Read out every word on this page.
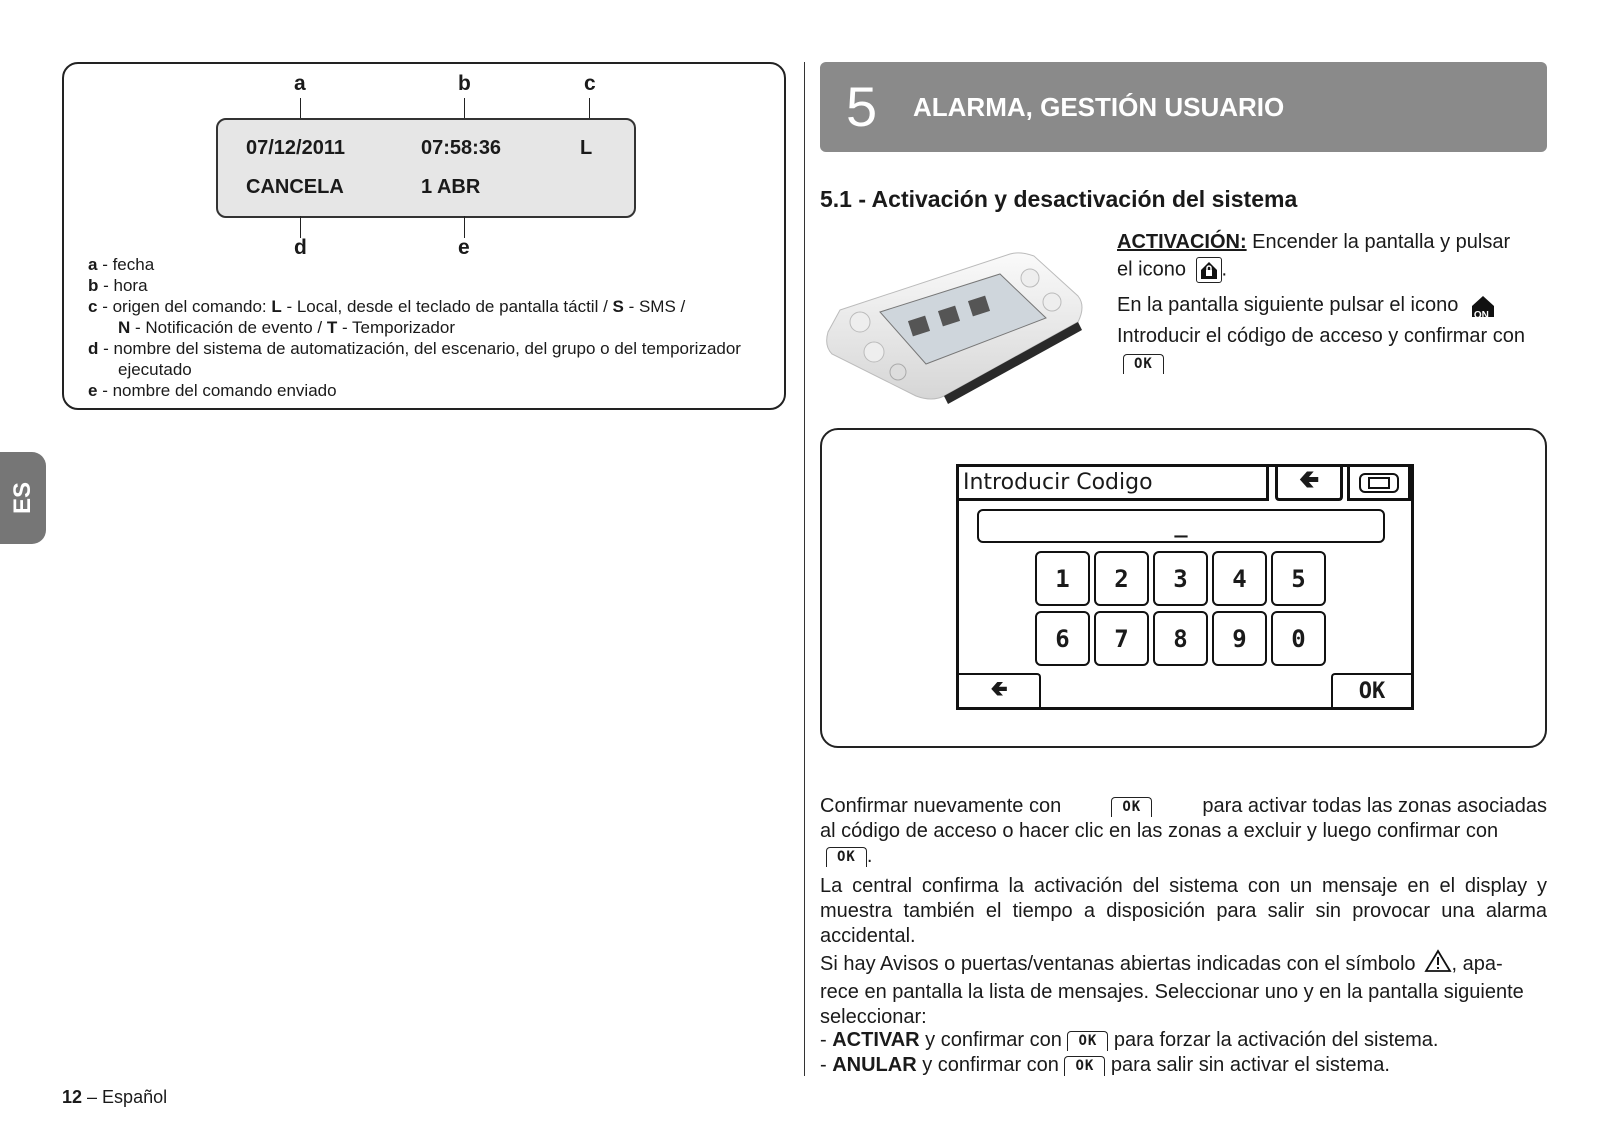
a	b	c
07/12/2011	07:58:36	L
CANCELA	1 ABR
d	e
a - fecha
b - hora
c - origen del comando: L - Local, desde el teclado de pantalla táctil / S - SMS /
N - Notificación de evento / T - Temporizador
d - nombre del sistema de automatización, del escenario, del grupo o del temporizador
ejecutado
e - nombre del comando enviado
ES
12 – Español
5 ALARMA, GESTIÓN USUARIO
5.1 - Activación y desactivación del sistema
ACTIVACIÓN: Encender la pantalla y pulsar
el icono .
En la pantalla siguiente pulsar el icono ON
Introducir el código de acceso y confirmar con
OK
Introducir Codigo	🢀
_
1	2	3	4	5
6	7	8	9	0
🢀	OK
Confirmar nuevamente con	OK	para activar todas las zonas asociadas
al código de acceso o hacer clic en las zonas a excluir y luego confirmar con
OK .
La central confirma la activación del sistema con un mensaje en el display y muestra también el tiempo a disposición para salir sin provocar una alarma accidental.
Si hay Avisos o puertas/ventanas abiertas indicadas con el símbolo , apa-
rece en pantalla la lista de mensajes. Seleccionar uno y en la pantalla siguiente
seleccionar:
- ACTIVAR y confirmar con OK para forzar la activación del sistema.
- ANULAR y confirmar con OK para salir sin activar el sistema.
